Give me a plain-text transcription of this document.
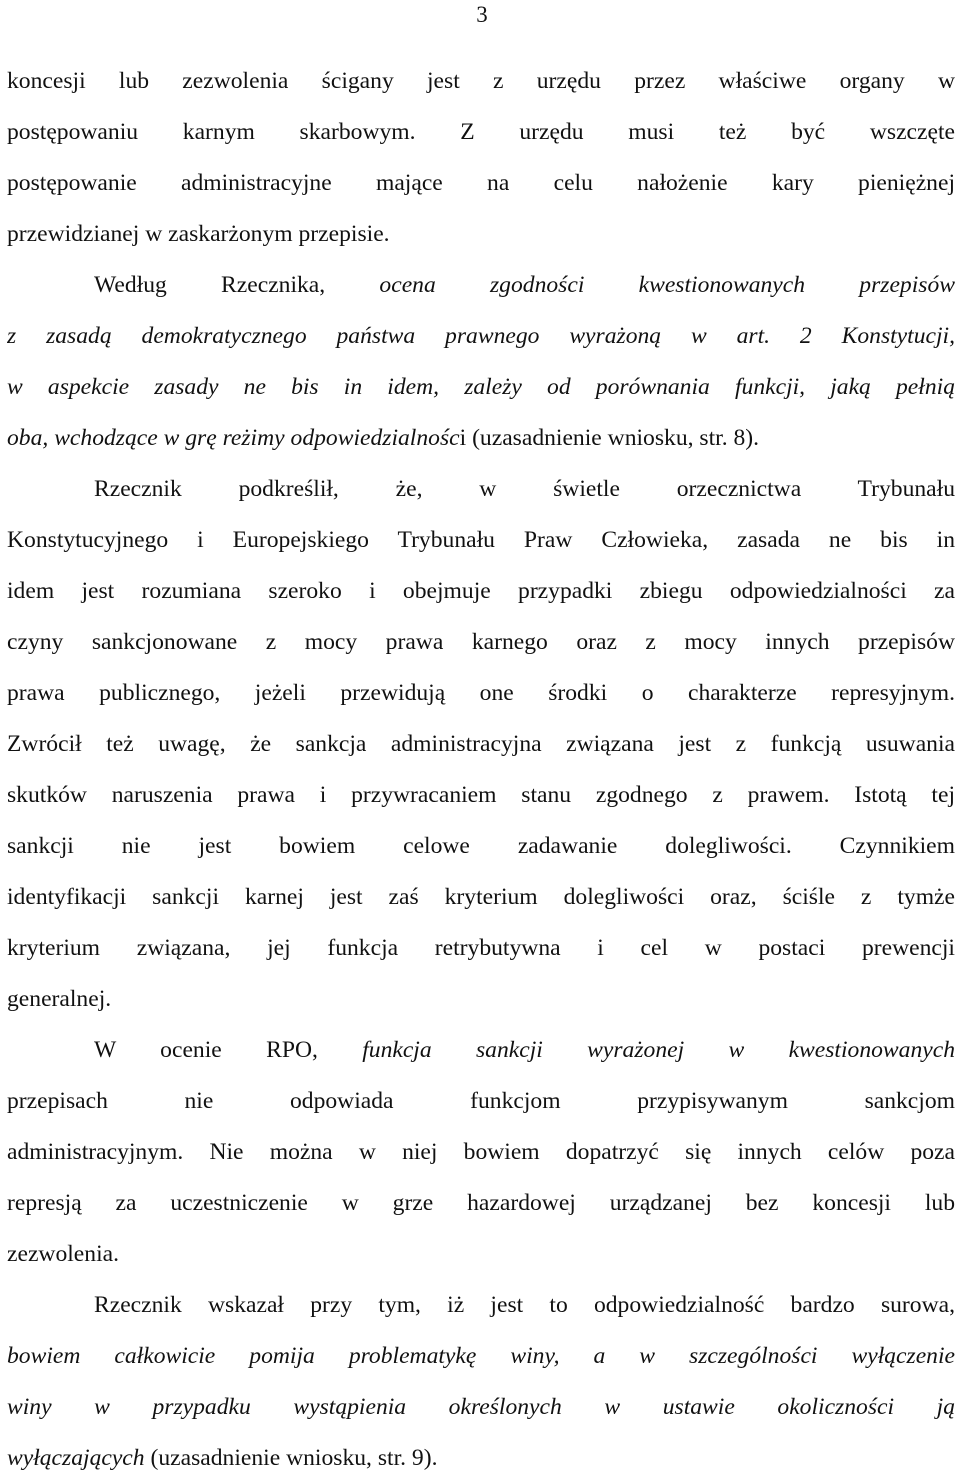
3
koncesji lub zezwolenia ścigany jest z urzędu przez właściwe organy w
postępowaniu karnym skarbowym. Z urzędu musi też być wszczęte
postępowanie administracyjne mające na celu nałożenie kary pieniężnej
przewidzianej w zaskarżonym przepisie.
Według Rzecznika, ocena zgodności kwestionowanych przepisów
z zasadą demokratycznego państwa prawnego wyrażoną w art. 2 Konstytucji,
w aspekcie zasady ne bis in idem, zależy od porównania funkcji, jaką pełnią
oba, wchodzące w grę reżimy odpowiedzialności (uzasadnienie wniosku, str. 8).
Rzecznik podkreślił, że, w świetle orzecznictwa Trybunału
Konstytucyjnego i Europejskiego Trybunału Praw Człowieka, zasada ne bis in
idem jest rozumiana szeroko i obejmuje przypadki zbiegu odpowiedzialności za
czyny sankcjonowane z mocy prawa karnego oraz z mocy innych przepisów
prawa publicznego, jeżeli przewidują one środki o charakterze represyjnym.
Zwrócił też uwagę, że sankcja administracyjna związana jest z funkcją usuwania
skutków naruszenia prawa i przywracaniem stanu zgodnego z prawem. Istotą tej
sankcji nie jest bowiem celowe zadawanie dolegliwości. Czynnikiem
identyfikacji sankcji karnej jest zaś kryterium dolegliwości oraz, ściśle z tymże
kryterium związana, jej funkcja retrybutywna i cel w postaci prewencji
generalnej.
W ocenie RPO, funkcja sankcji wyrażonej w kwestionowanych
przepisach nie odpowiada funkcjom przypisywanym sankcjom
administracyjnym. Nie można w niej bowiem dopatrzyć się innych celów poza
represją za uczestniczenie w grze hazardowej urządzanej bez koncesji lub
zezwolenia.
Rzecznik wskazał przy tym, iż jest to odpowiedzialność bardzo surowa,
bowiem całkowicie pomija problematykę winy, a w szczególności wyłączenie
winy w przypadku wystąpienia określonych w ustawie okoliczności ją
wyłączających (uzasadnienie wniosku, str. 9).
